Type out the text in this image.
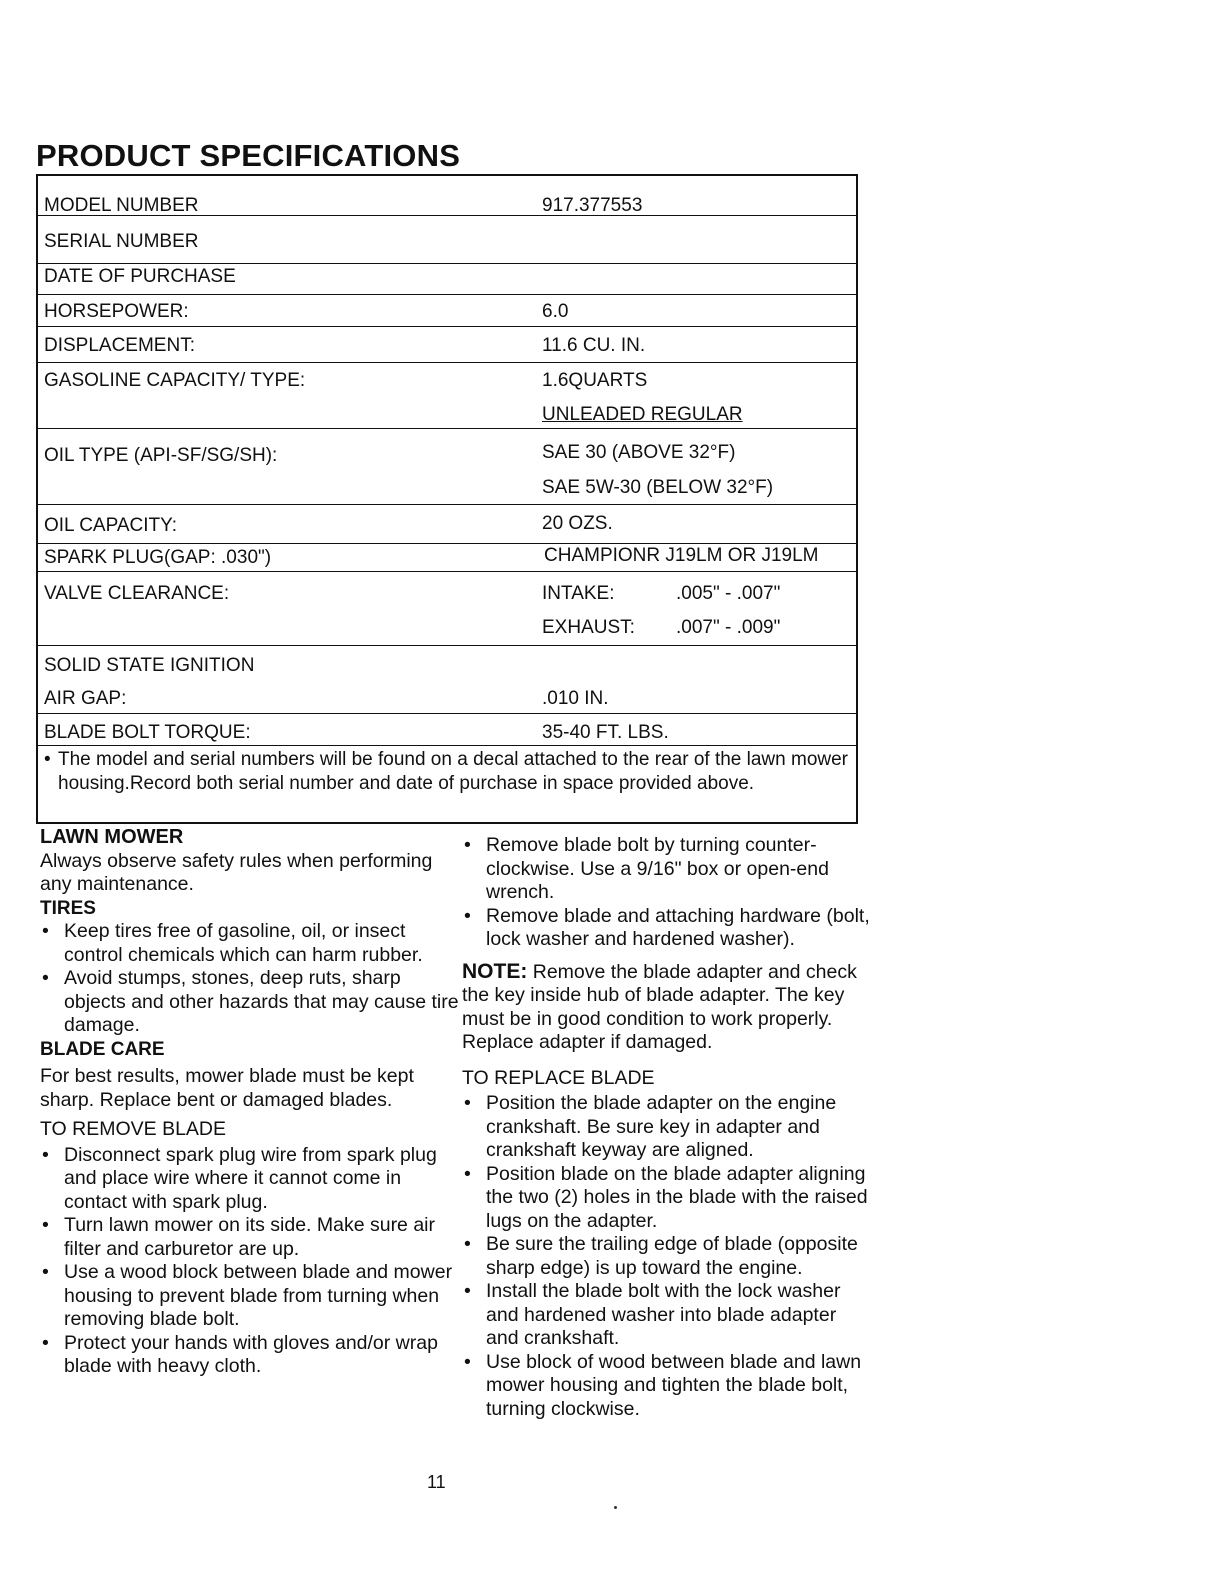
PRODUCT SPECIFICATIONS
MODEL NUMBER	917.377553
SERIAL NUMBER
DATE OF PURCHASE
HORSEPOWER:	6.0
DISPLACEMENT:	11.6 CU. IN.
GASOLINE CAPACITY/ TYPE:	1.6QUARTS
UNLEADED REGULAR
OIL TYPE (API-SF/SG/SH):	SAE 30 (ABOVE 32°F)
SAE 5W-30 (BELOW 32°F)
OIL CAPACITY:	20 OZS.
SPARK PLUG(GAP: .030")	CHAMPIONR J19LM OR J19LM
VALVE CLEARANCE:	INTAKE:	.005" - .007"
EXHAUST: .007" - .009"
SOLID STATE IGNITION
AIR GAP:	.010 IN.
BLADE BOLT TORQUE:	35-40 FT. LBS.
• The model and serial numbers will be found on a decal attached to the rear of the lawn mower housing.Record both serial number and date of purchase in space provided above.
LAWN MOWER

Always observe safety rules when performing any maintenance.

TIRES

• Keep tires free of gasoline, oil, or insect control chemicals which can harm rubber.

• Avoid stumps, stones, deep ruts, sharp objects and other hazards that may cause tire damage.

BLADE CARE

For best results, mower blade must be kept sharp. Replace bent or damaged blades.

TO REMOVE BLADE

• Disconnect spark plug wire from spark plug and place wire where it cannot come in contact with spark plug.

• Turn lawn mower on its side. Make sure air filter and carburetor are up.

• Use a wood block between blade and mower housing to prevent blade from turning when removing blade bolt.

• Protect your hands with gloves and/or wrap blade with heavy cloth.

• Remove blade bolt by turning counter-clockwise. Use a 9/16" box or open-end wrench.

• Remove blade and attaching hardware (bolt, lock washer and hardened washer).

NOTE: Remove the blade adapter and check the key inside hub of blade adapter. The key must be in good condition to work properly. Replace adapter if damaged.

TO REPLACE BLADE

• Position the blade adapter on the engine crankshaft. Be sure key in adapter and crankshaft keyway are aligned.

• Position blade on the blade adapter aligning the two (2) holes in the blade with the raised lugs on the adapter.

• Be sure the trailing edge of blade (opposite sharp edge) is up toward the engine.

• Install the blade bolt with the lock washer and hardened washer into blade adapter and crankshaft.

• Use block of wood between blade and lawn mower housing and tighten the blade bolt, turning clockwise.

11
